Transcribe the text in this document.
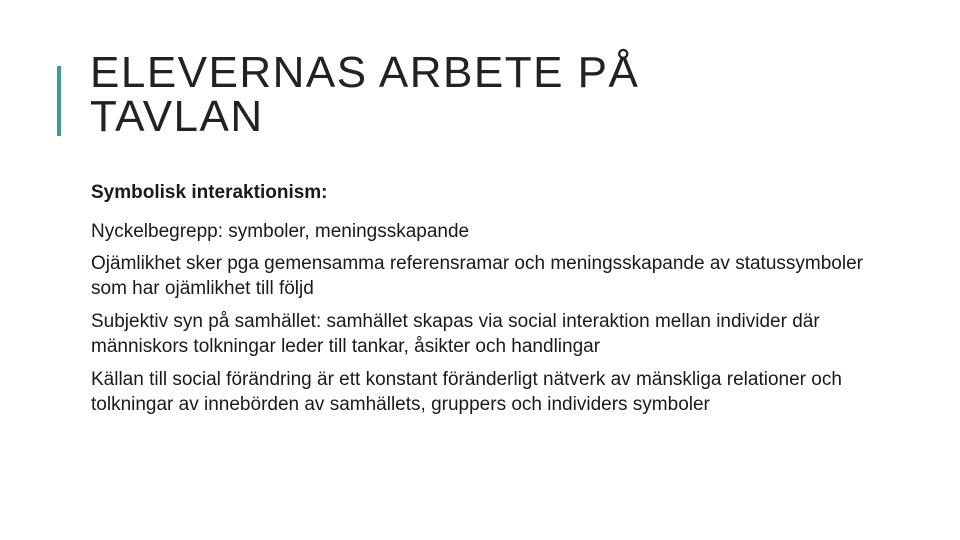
ELEVERNAS ARBETE PÅ
TAVLAN

Symbolisk interaktionism:

Nyckelbegrepp: symboler, meningsskapande

Ojämlikhet sker pga gemensamma referensramar och meningsskapande av statussymboler som har ojämlikhet till följd

Subjektiv syn på samhället: samhället skapas via social interaktion mellan individer där människors tolkningar leder till tankar, åsikter och handlingar

Källan till social förändring är ett konstant föränderligt nätverk av mänskliga relationer och tolkningar av innebörden av samhällets, gruppers och individers symboler
